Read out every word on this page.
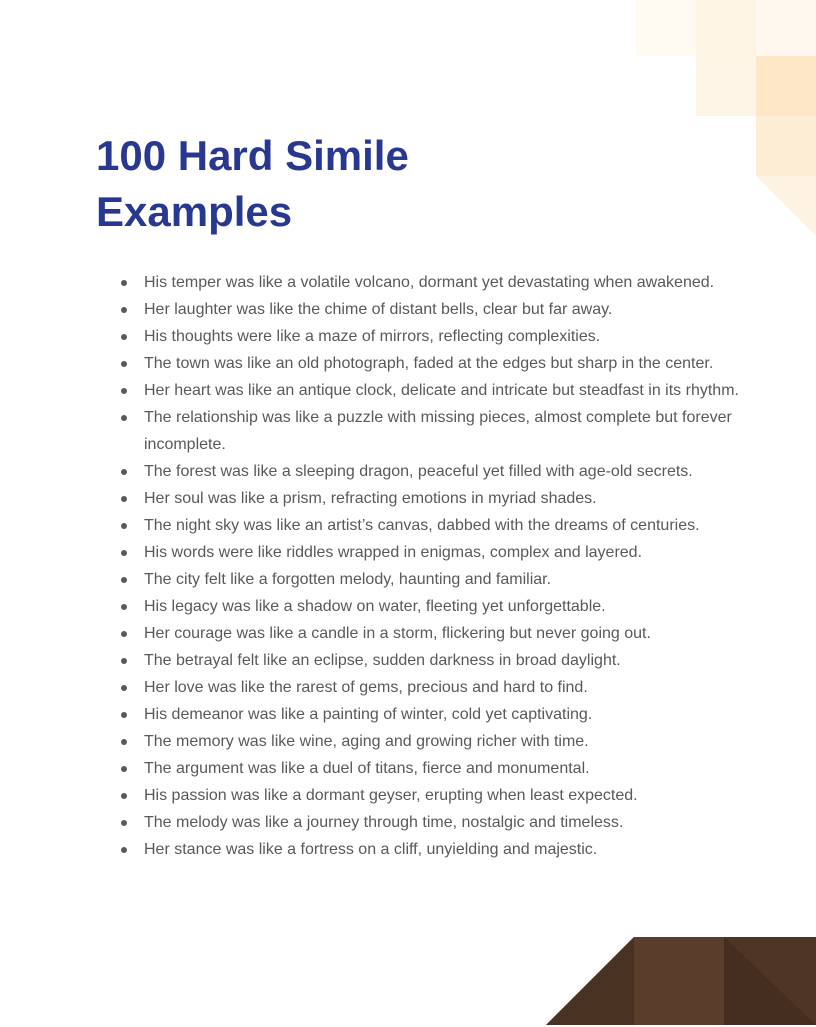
100 Hard Simile
Examples
His temper was like a volatile volcano, dormant yet devastating when awakened.
Her laughter was like the chime of distant bells, clear but far away.
His thoughts were like a maze of mirrors, reflecting complexities.
The town was like an old photograph, faded at the edges but sharp in the center.
Her heart was like an antique clock, delicate and intricate but steadfast in its rhythm.
The relationship was like a puzzle with missing pieces, almost complete but forever incomplete.
The forest was like a sleeping dragon, peaceful yet filled with age-old secrets.
Her soul was like a prism, refracting emotions in myriad shades.
The night sky was like an artist’s canvas, dabbed with the dreams of centuries.
His words were like riddles wrapped in enigmas, complex and layered.
The city felt like a forgotten melody, haunting and familiar.
His legacy was like a shadow on water, fleeting yet unforgettable.
Her courage was like a candle in a storm, flickering but never going out.
The betrayal felt like an eclipse, sudden darkness in broad daylight.
Her love was like the rarest of gems, precious and hard to find.
His demeanor was like a painting of winter, cold yet captivating.
The memory was like wine, aging and growing richer with time.
The argument was like a duel of titans, fierce and monumental.
His passion was like a dormant geyser, erupting when least expected.
The melody was like a journey through time, nostalgic and timeless.
Her stance was like a fortress on a cliff, unyielding and majestic.
